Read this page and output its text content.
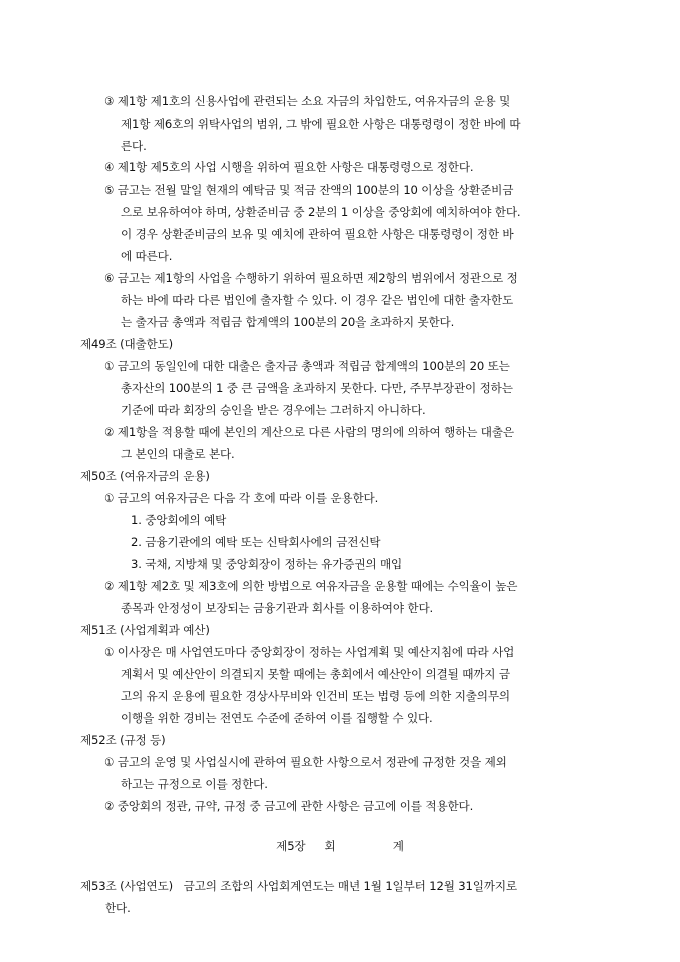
③ 제1항 제1호의 신용사업에 관련되는 소요 자금의 차입한도, 여유자금의 운용 및
제1항 제6호의 위탁사업의 범위, 그 밖에 필요한 사항은 대통령령이 정한 바에 따
른다.
④ 제1항 제5호의 사업 시행을 위하여 필요한 사항은 대통령령으로 정한다.
⑤ 금고는 전월 말일 현재의 예탁금 및 적금 잔액의 100분의 10 이상을 상환준비금
으로 보유하여야 하며, 상환준비금 중 2분의 1 이상을 중앙회에 예치하여야 한다.
이 경우 상환준비금의 보유 및 예치에 관하여 필요한 사항은 대통령령이 정한 바
에 따른다.
⑥ 금고는 제1항의 사업을 수행하기 위하여 필요하면 제2항의 범위에서 정관으로 정
하는 바에 따라 다른 법인에 출자할 수 있다. 이 경우 같은 법인에 대한 출자한도
는 출자금 총액과 적립금 합계액의 100분의 20을 초과하지 못한다.
제49조 (대출한도)
① 금고의 동일인에 대한 대출은 출자금 총액과 적립금 합계액의 100분의 20 또는
총자산의 100분의 1 중 큰 금액을 초과하지 못한다. 다만, 주무부장관이 정하는
기준에 따라 회장의 승인을 받은 경우에는 그러하지 아니하다.
② 제1항을 적용할 때에 본인의 계산으로 다른 사람의 명의에 의하여 행하는 대출은
그 본인의 대출로 본다.
제50조 (여유자금의 운용)
① 금고의 여유자금은 다음 각 호에 따라 이를 운용한다.
1. 중앙회에의 예탁
2. 금융기관에의 예탁 또는 신탁회사에의 금전신탁
3. 국채, 지방채 및 중앙회장이 정하는 유가증권의 매입
② 제1항 제2호 및 제3호에 의한 방법으로 여유자금을 운용할 때에는 수익율이 높은
종목과 안정성이 보장되는 금융기관과 회사를 이용하여야 한다.
제51조 (사업계획과 예산)
① 이사장은 매 사업연도마다 중앙회장이 정하는 사업계획 및 예산지침에 따라 사업
계획서 및 예산안이 의결되지 못할 때에는 총회에서 예산안이 의결될 때까지 금
고의 유지 운용에 필요한 경상사무비와 인건비 또는 법령 등에 의한 지출의무의
이행을 위한 경비는 전연도 수준에 준하여 이를 집행할 수 있다.
제52조 (규정 등)
① 금고의 운영 및 사업실시에 관하여 필요한 사항으로서 정관에 규정한 것을 제외
하고는 규정으로 이를 정한다.
② 중앙회의 정관, 규약, 규정 중 금고에 관한 사항은 금고에 이를 적용한다.
제5장  회      계
제53조 (사업연도)   금고의 조합의 사업회계연도는 매년 1월 1일부터 12월 31일까지로
한다.
